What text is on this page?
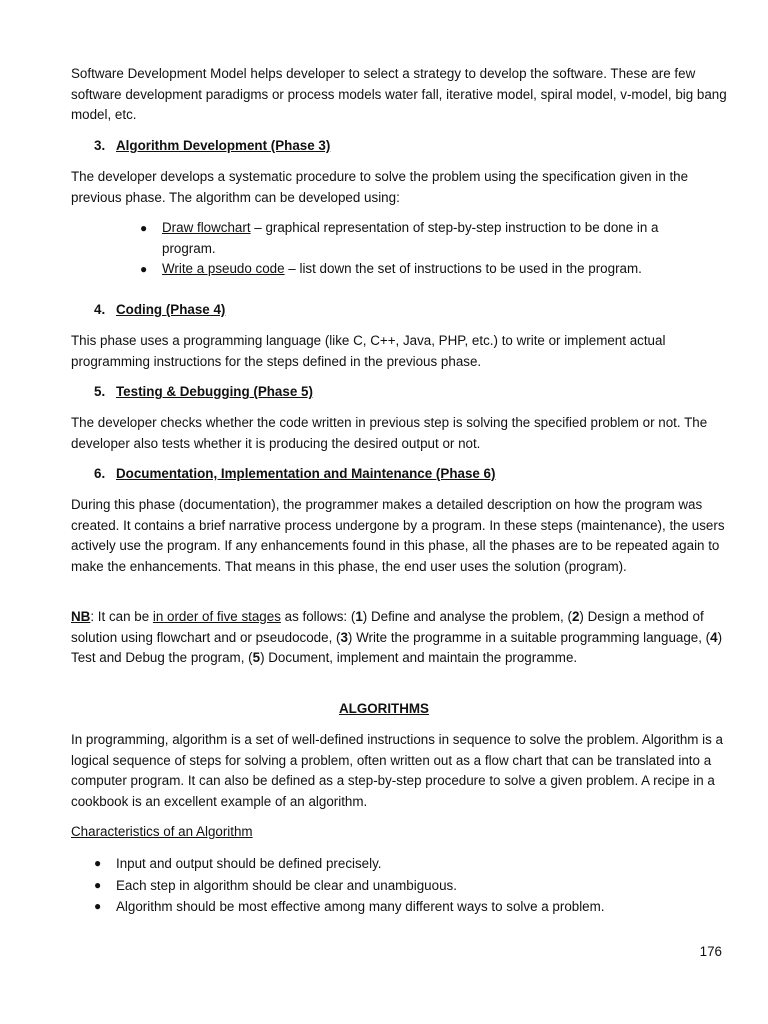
Software Development Model helps developer to select a strategy to develop the software. These are few software development paradigms or process models water fall, iterative model, spiral model, v-model, big bang model, etc.

3. Algorithm Development (Phase 3)

The developer develops a systematic procedure to solve the problem using the specification given in the previous phase. The algorithm can be developed using:

●	Draw flowchart – graphical representation of step-by-step instruction to be done in a program.
●	Write a pseudo code – list down the set of instructions to be used in the program.

4. Coding (Phase 4)

This phase uses a programming language (like C, C++, Java, PHP, etc.) to write or implement actual programming instructions for the steps defined in the previous phase.

5. Testing & Debugging (Phase 5)

The developer checks whether the code written in previous step is solving the specified problem or not. The developer also tests whether it is producing the desired output or not.

6. Documentation, Implementation and Maintenance (Phase 6)

During this phase (documentation), the programmer makes a detailed description on how the program was created. It contains a brief narrative process undergone by a program. In these steps (maintenance), the users actively use the program. If any enhancements found in this phase, all the phases are to be repeated again to make the enhancements. That means in this phase, the end user uses the solution (program).

NB: It can be in order of five stages as follows: (1) Define and analyse the problem, (2) Design a method of solution using flowchart and or pseudocode, (3) Write the programme in a suitable programming language, (4) Test and Debug the program, (5) Document, implement and maintain the programme.

ALGORITHMS

In programming, algorithm is a set of well-defined instructions in sequence to solve the problem. Algorithm is a logical sequence of steps for solving a problem, often written out as a flow chart that can be translated into a computer program. It can also be defined as a step-by-step procedure to solve a given problem. A recipe in a cookbook is an excellent example of an algorithm.

Characteristics of an Algorithm

●	Input and output should be defined precisely.
●	Each step in algorithm should be clear and unambiguous.
●	Algorithm should be most effective among many different ways to solve a problem.

176
